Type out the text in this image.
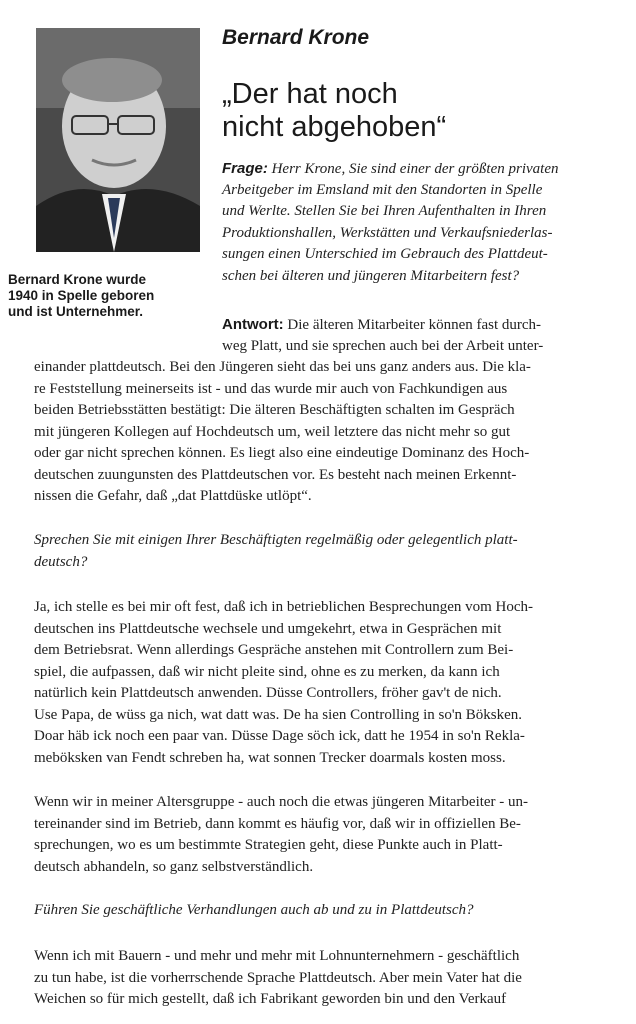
Bernard Krone wurde
1940 in Spelle geboren
und ist Unternehmer.
Bernard Krone
„Der hat noch
nicht abgehoben“
Frage: Herr Krone, Sie sind einer der größten privaten
Arbeitgeber im Emsland mit den Standorten in Spelle
und Werlte. Stellen Sie bei Ihren Aufenthalten in Ihren
Produktionshallen, Werkstätten und Verkaufsniederlas-
sungen einen Unterschied im Gebrauch des Plattdeut-
schen bei älteren und jüngeren Mitarbeitern fest?
Antwort: Die älteren Mitarbeiter können fast durch-
weg Platt, und sie sprechen auch bei der Arbeit unter-
einander plattdeutsch. Bei den Jüngeren sieht das bei uns ganz anders aus. Die kla-
re Feststellung meinerseits ist - und das wurde mir auch von Fachkundigen aus
beiden Betriebsstätten bestätigt: Die älteren Beschäftigten schalten im Gespräch
mit jüngeren Kollegen auf Hochdeutsch um, weil letztere das nicht mehr so gut
oder gar nicht sprechen können. Es liegt also eine eindeutige Dominanz des Hoch-
deutschen zuungunsten des Plattdeutschen vor. Es besteht nach meinen Erkennt-
nissen die Gefahr, daß „dat Plattdüske utlöpt“.
Sprechen Sie mit einigen Ihrer Beschäftigten regelmäßig oder gelegentlich platt-
deutsch?
Ja, ich stelle es bei mir oft fest, daß ich in betrieblichen Besprechungen vom Hoch-
deutschen ins Plattdeutsche wechsele und umgekehrt, etwa in Gesprächen mit
dem Betriebsrat. Wenn allerdings Gespräche anstehen mit Controllern zum Bei-
spiel, die aufpassen, daß wir nicht pleite sind, ohne es zu merken, da kann ich
natürlich kein Plattdeutsch anwenden. Düsse Controllers, fröher gav't de nich.
Use Papa, de wüss ga nich, wat datt was. De ha sien Controlling in so'n Böksken.
Doar häb ick noch een paar van. Düsse Dage söch ick, datt he 1954 in so'n Rekla-
meböksken van Fendt schreben ha, wat sonnen Trecker doarmals kosten moss.
Wenn wir in meiner Altersgruppe - auch noch die etwas jüngeren Mitarbeiter - un-
tereinander sind im Betrieb, dann kommt es häufig vor, daß wir in offiziellen Be-
sprechungen, wo es um bestimmte Strategien geht, diese Punkte auch in Platt-
deutsch abhandeln, so ganz selbstverständlich.
Führen Sie geschäftliche Verhandlungen auch ab und zu in Plattdeutsch?
Wenn ich mit Bauern - und mehr und mehr mit Lohnunternehmern - geschäftlich
zu tun habe, ist die vorherrschende Sprache Plattdeutsch. Aber mein Vater hat die
Weichen so für mich gestellt, daß ich Fabrikant geworden bin und den Verkauf
